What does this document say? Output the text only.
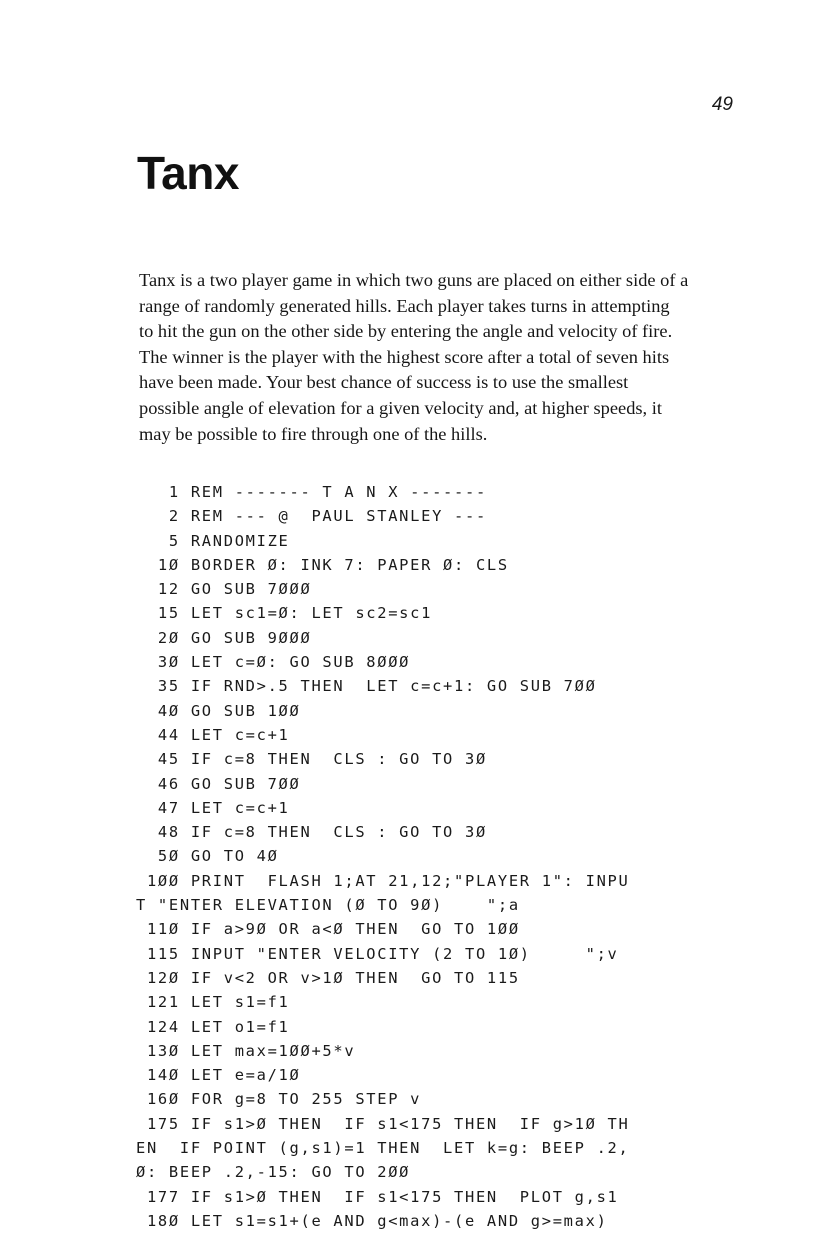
49
Tanx

Tanx is a two player game in which two guns are placed on either side of a
range of randomly generated hills. Each player takes turns in attempting
to hit the gun on the other side by entering the angle and velocity of fire.
The winner is the player with the highest score after a total of seven hits
have been made. Your best chance of success is to use the smallest
possible angle of elevation for a given velocity and, at higher speeds, it
may be possible to fire through one of the hills.

1 REM ------- T A N X -------
2 REM --- @  PAUL STANLEY ---
5 RANDOMIZE
1Ø BORDER Ø: INK 7: PAPER Ø: CLS
12 GO SUB 7ØØØ
15 LET sc1=Ø: LET sc2=sc1
2Ø GO SUB 9ØØØ
3Ø LET c=Ø: GO SUB 8ØØØ
35 IF RND>.5 THEN  LET c=c+1: GO SUB 7ØØ
4Ø GO SUB 1ØØ
44 LET c=c+1
45 IF c=8 THEN  CLS : GO TO 3Ø
46 GO SUB 7ØØ
47 LET c=c+1
48 IF c=8 THEN  CLS : GO TO 3Ø
5Ø GO TO 4Ø
1ØØ PRINT  FLASH 1;AT 21,12;"PLAYER 1": INPU
T "ENTER ELEVATION (Ø TO 9Ø)    ";a
11Ø IF a>9Ø OR a<Ø THEN  GO TO 1ØØ
115 INPUT "ENTER VELOCITY (2 TO 1Ø)     ";v
12Ø IF v<2 OR v>1Ø THEN  GO TO 115
121 LET s1=f1
124 LET o1=f1
13Ø LET max=1ØØ+5*v
14Ø LET e=a/1Ø
16Ø FOR g=8 TO 255 STEP v
175 IF s1>Ø THEN  IF s1<175 THEN  IF g>1Ø TH
EN  IF POINT (g,s1)=1 THEN  LET k=g: BEEP .2,
Ø: BEEP .2,-15: GO TO 2ØØ
177 IF s1>Ø THEN  IF s1<175 THEN  PLOT g,s1
18Ø LET s1=s1+(e AND g<max)-(e AND g>=max)
